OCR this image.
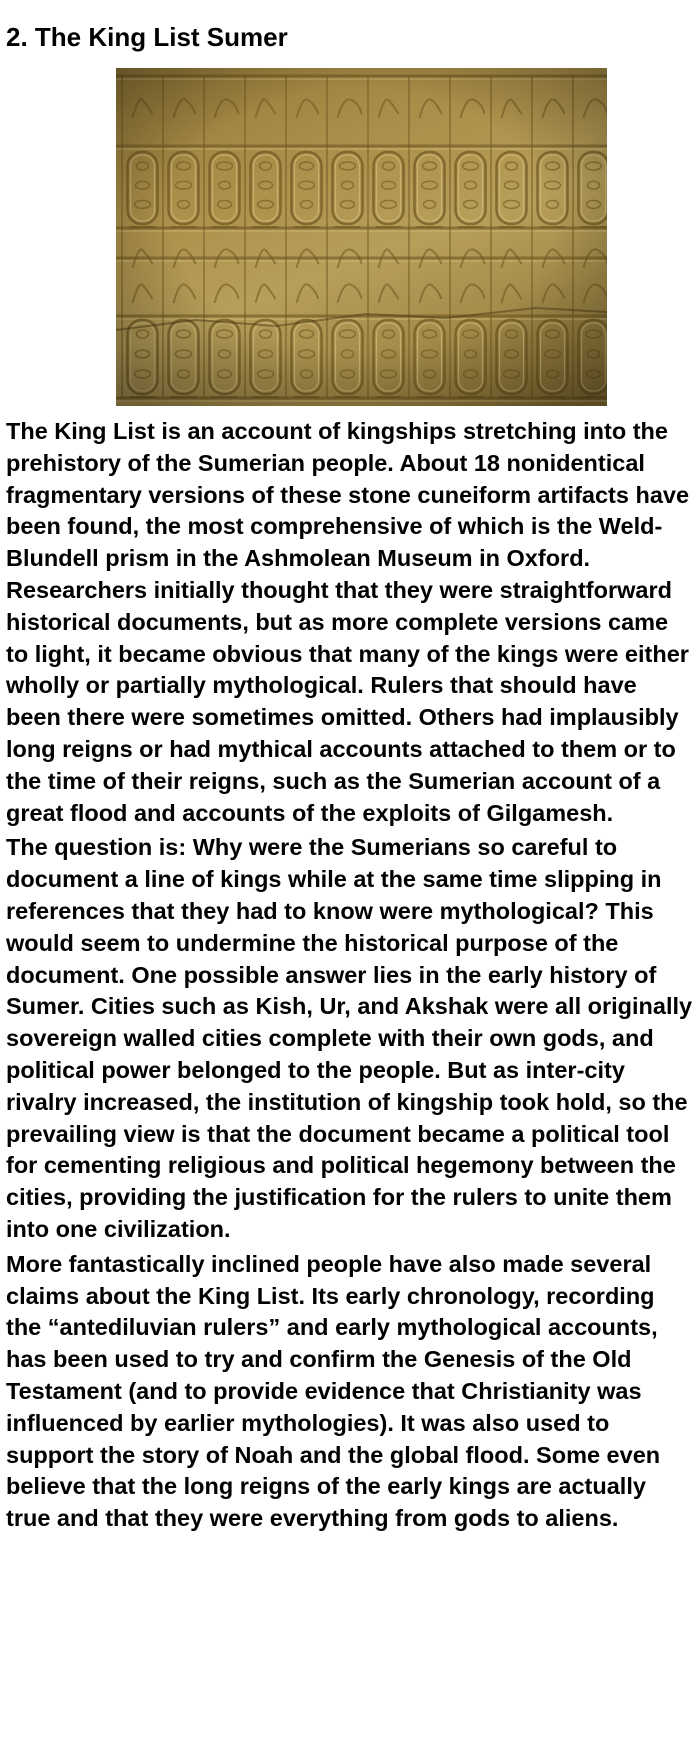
2. The King List Sumer

The King List is an account of kingships stretching into the prehistory of the Sumerian people. About 18 nonidentical fragmentary versions of these stone cuneiform artifacts have been found, the most comprehensive of which is the Weld-Blundell prism in the Ashmolean Museum in Oxford. Researchers initially thought that they were straightforward historical documents, but as more complete versions came to light, it became obvious that many of the kings were either wholly or partially mythological. Rulers that should have been there were sometimes omitted. Others had implausibly long reigns or had mythical accounts attached to them or to the time of their reigns, such as the Sumerian account of a great flood and accounts of the exploits of Gilgamesh.

The question is: Why were the Sumerians so careful to document a line of kings while at the same time slipping in references that they had to know were mythological? This would seem to undermine the historical purpose of the document. One possible answer lies in the early history of Sumer. Cities such as Kish, Ur, and Akshak were all originally sovereign walled cities complete with their own gods, and political power belonged to the people. But as inter-city rivalry increased, the institution of kingship took hold, so the prevailing view is that the document became a political tool for cementing religious and political hegemony between the cities, providing the justification for the rulers to unite them into one civilization.

More fantastically inclined people have also made several claims about the King List. Its early chronology, recording the “antediluvian rulers” and early mythological accounts, has been used to try and confirm the Genesis of the Old Testament (and to provide evidence that Christianity was influenced by earlier mythologies). It was also used to support the story of Noah and the global flood. Some even believe that the long reigns of the early kings are actually true and that they were everything from gods to aliens.
